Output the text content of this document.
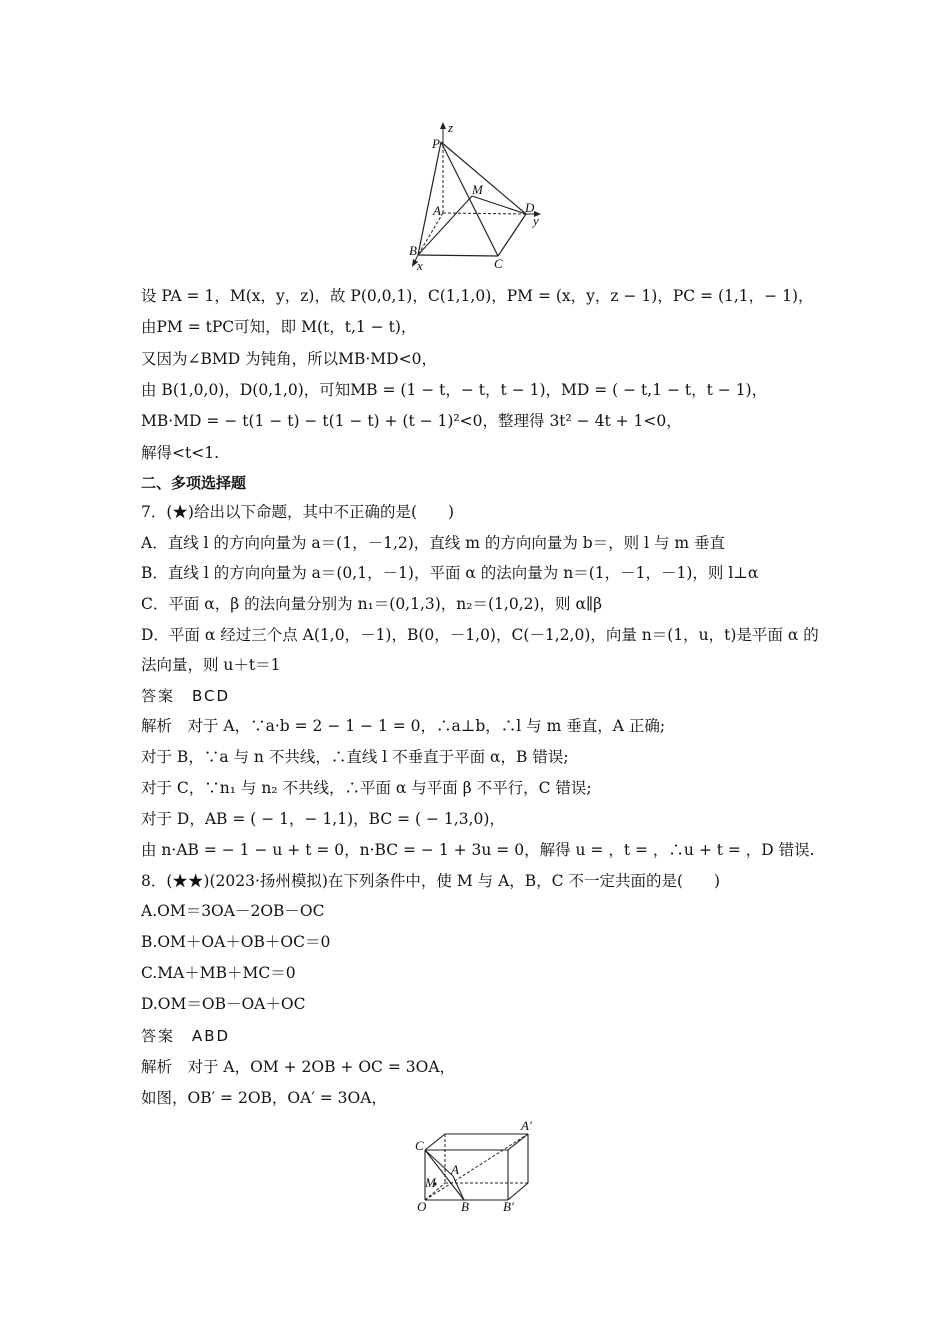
z
P
M
A	D
y
B
x	C
设 PA = 1，M(x，y，z)，故 P(0,0,1)，C(1,1,0)，PM = (x，y，z − 1)，PC = (1,1，− 1)，
由PM = tPC可知，即 M(t，t,1 − t)，
又因为∠BMD 为钝角，所以MB·MD<0，
由 B(1,0,0)，D(0,1,0)，可知MB = (1 − t，− t，t − 1)，MD = ( − t,1 − t，t − 1)，
MB·MD = − t(1 − t) − t(1 − t) + (t − 1)²<0，整理得 3t² − 4t + 1<0，
解得<t<1.
二、多项选择题
7．(★)给出以下命题，其中不正确的是(　　)
A．直线 l 的方向向量为 a＝(1，－1,2)，直线 m 的方向向量为 b＝，则 l 与 m 垂直
B．直线 l 的方向向量为 a＝(0,1，－1)，平面 α 的法向量为 n＝(1，－1，－1)，则 l⊥α
C．平面 α，β 的法向量分别为 n₁＝(0,1,3)，n₂＝(1,0,2)，则 α∥β
D．平面 α 经过三个点 A(1,0，－1)，B(0，－1,0)，C(－1,2,0)，向量 n＝(1，u，t)是平面 α 的
法向量，则 u＋t＝1
答案　BCD
解析　对于 A，∵a·b = 2 − 1 − 1 = 0，∴a⊥b，∴l 与 m 垂直，A 正确;
对于 B，∵a 与 n 不共线，∴直线 l 不垂直于平面 α，B 错误;
对于 C，∵n₁ 与 n₂ 不共线，∴平面 α 与平面 β 不平行，C 错误;
对于 D，AB = ( − 1，− 1,1)，BC = ( − 1,3,0)，
由 n·AB = − 1 − u + t = 0，n·BC = − 1 + 3u = 0，解得 u = ，t = ，∴u + t = ，D 错误.
8．(★★)(2023·扬州模拟)在下列条件中，使 M 与 A，B，C 不一定共面的是(　　)
A.OM＝3OA－2OB－OC
B.OM＋OA＋OB＋OC＝0
C.MA＋MB＋MC＝0
D.OM＝OB－OA＋OC
答案　ABD
解析　对于 A，OM + 2OB + OC = 3OA，
如图，OB′ = 2OB，OA′ = 3OA，
C
A′
A
M
O	B	B′
